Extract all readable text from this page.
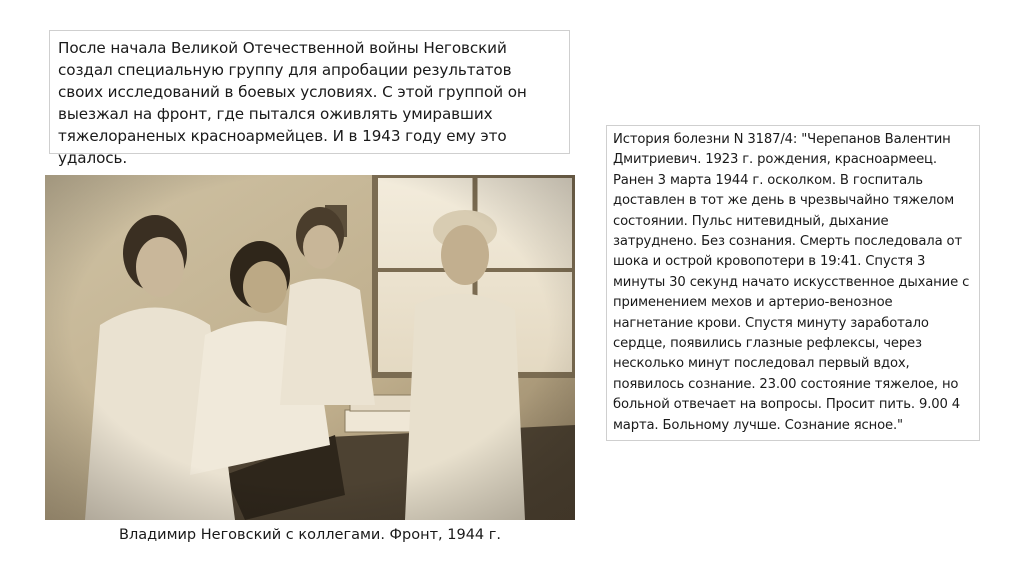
После начала Великой Отечественной войны Неговский создал специальную группу для апробации результатов своих исследований в боевых условиях. С этой группой он выезжал на фронт, где пытался оживлять умиравших тяжелораненых красноармейцев. И в 1943 году ему это удалось.
Владимир Неговский с коллегами. Фронт, 1944 г.
История болезни N 3187/4: "Черепанов Валентин Дмитриевич. 1923 г. рождения, красноармеец. Ранен 3 марта 1944 г. осколком. В госпиталь доставлен в тот же день в чрезвычайно тяжелом состоянии. Пульс нитевидный, дыхание затруднено. Без сознания. Смерть последовала от шока и острой кровопотери в 19:41. Спустя 3 минуты 30 секунд начато искусственное дыхание с применением мехов и артерио-венозное нагнетание крови. Спустя минуту заработало сердце, появились глазные рефлексы, через несколько минут последовал первый вдох, появилось сознание. 23.00 состояние тяжелое, но больной отвечает на вопросы. Просит пить. 9.00 4 марта. Больному лучше. Сознание ясное."
